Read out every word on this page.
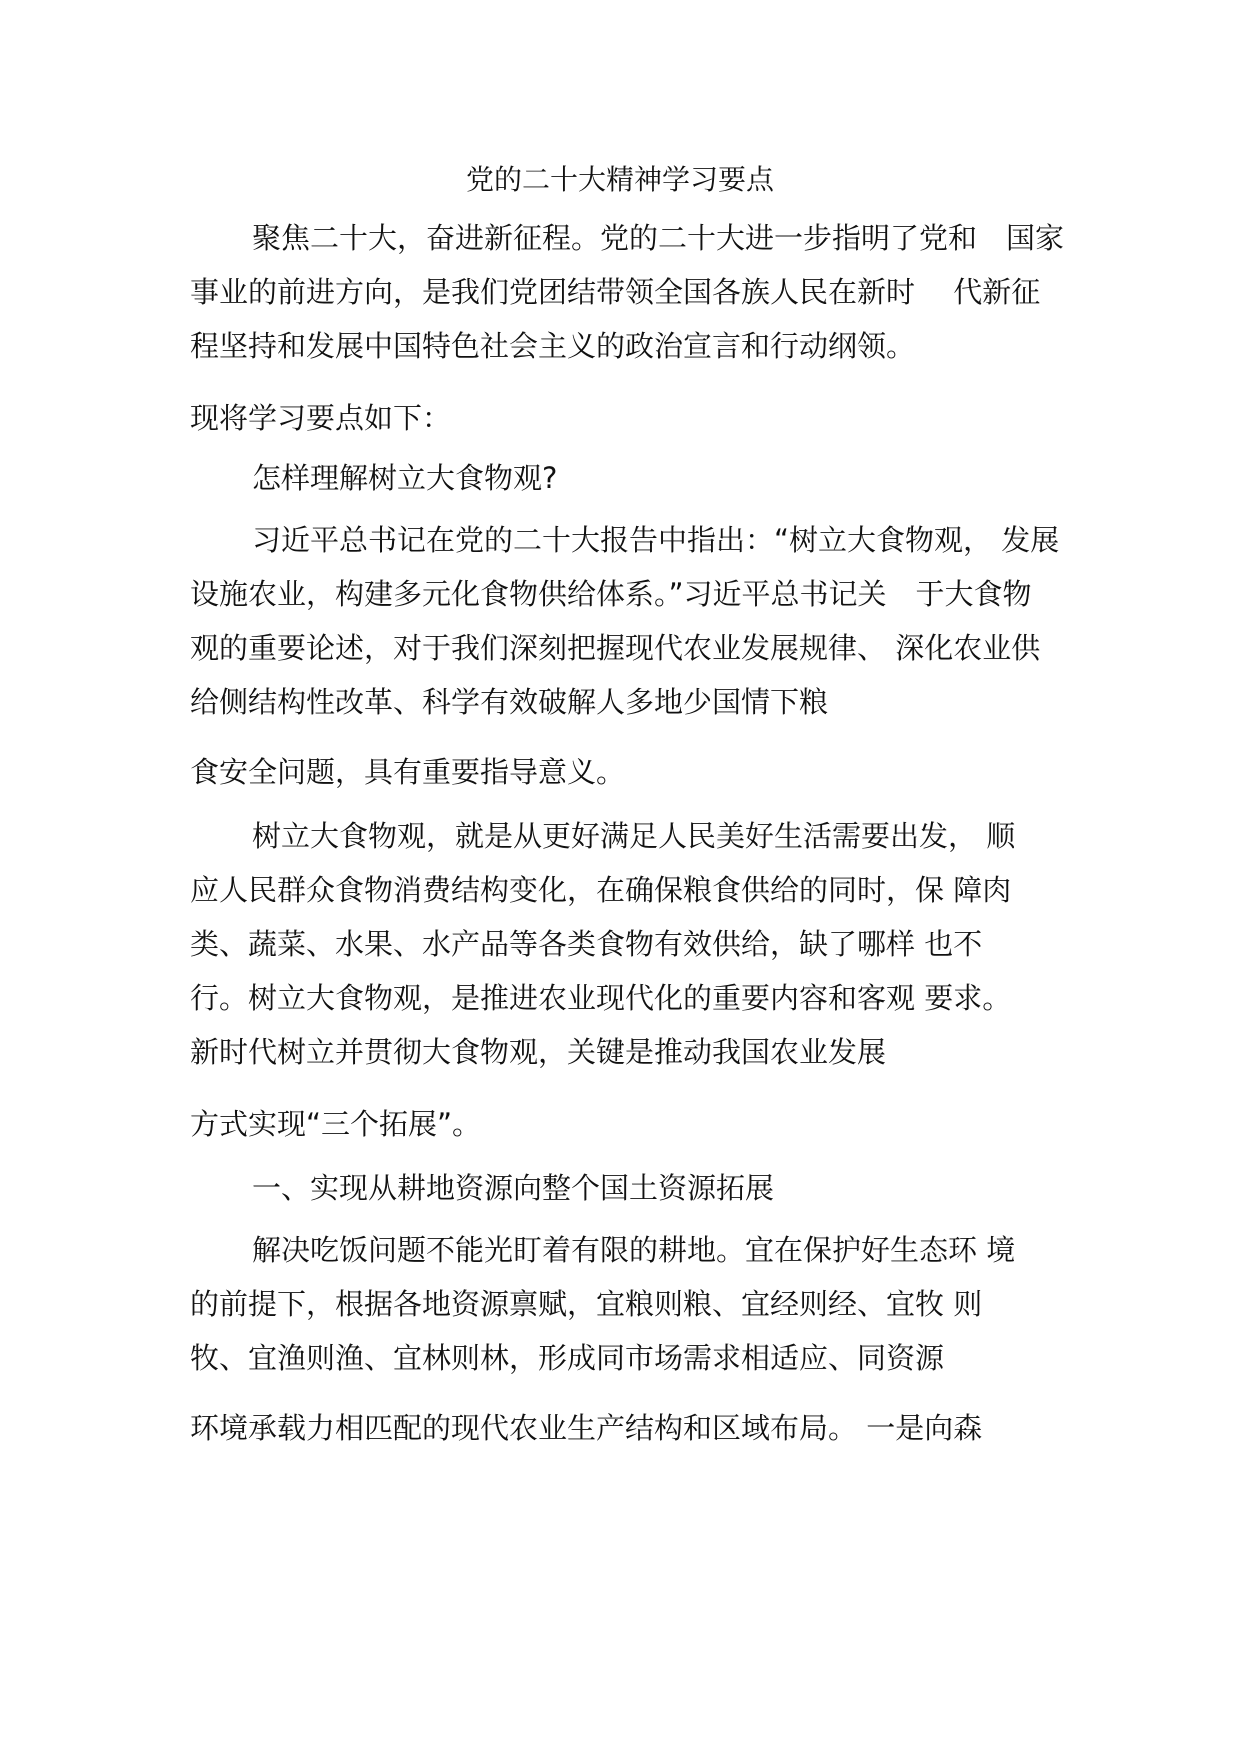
党的二十大精神学习要点
聚焦二十大，奋进新征程。党的二十大进一步指明了党和　国家
事业的前进方向，是我们党团结带领全国各族人民在新时　 代新征
程坚持和发展中国特色社会主义的政治宣言和行动纲领。
现将学习要点如下：
怎样理解树立大食物观?
习近平总书记在党的二十大报告中指出：“树立大食物观， 发展
设施农业，构建多元化食物供给体系。”习近平总书记关　于大食物
观的重要论述，对于我们深刻把握现代农业发展规律、 深化农业供
给侧结构性改革、科学有效破解人多地少国情下粮
食安全问题，具有重要指导意义。
树立大食物观，就是从更好满足人民美好生活需要出发， 顺
应人民群众食物消费结构变化，在确保粮食供给的同时，保 障肉
类、蔬菜、水果、水产品等各类食物有效供给，缺了哪样 也不
行。树立大食物观，是推进农业现代化的重要内容和客观 要求。
新时代树立并贯彻大食物观，关键是推动我国农业发展
方式实现“三个拓展”。
一、实现从耕地资源向整个国土资源拓展
解决吃饭问题不能光盯着有限的耕地。宜在保护好生态环 境
的前提下，根据各地资源禀赋，宜粮则粮、宜经则经、宜牧 则
牧、宜渔则渔、宜林则林，形成同市场需求相适应、同资源
环境承载力相匹配的现代农业生产结构和区域布局。 一是向森
